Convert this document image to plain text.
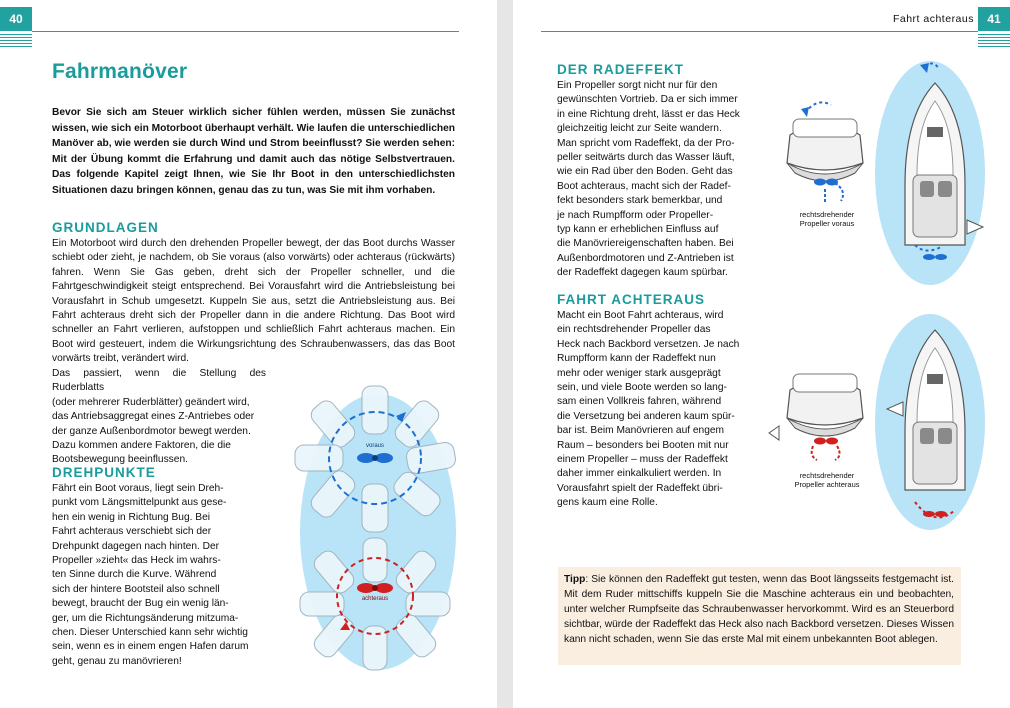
40
Fahrmanöver

Bevor Sie sich am Steuer wirklich sicher fühlen werden, müssen Sie zunächst wissen, wie sich ein Motorboot überhaupt verhält. Wie laufen die unterschiedlichen Manöver ab, wie werden sie durch Wind und Strom beeinflusst? Sie werden sehen: Mit der Übung kommt die Erfahrung und damit auch das nötige Selbstvertrauen. Das folgende Kapitel zeigt Ihnen, wie Sie Ihr Boot in den unterschiedlichsten Situationen dazu bringen können, genau das zu tun, was Sie mit ihm vorhaben.

GRUNDLAGEN

Ein Motorboot wird durch den drehenden Propeller bewegt, der das Boot durchs Wasser schiebt oder zieht, je nachdem, ob Sie voraus (also vorwärts) oder achteraus (rückwärts) fahren. Wenn Sie Gas geben, dreht sich der Propeller schneller, und die Fahrtgeschwindigkeit steigt entsprechend. Bei Vorausfahrt wird die Antriebsleistung bei Vorausfahrt in Schub umgesetzt. Kuppeln Sie aus, setzt die Antriebsleistung aus. Bei Fahrt achteraus dreht sich der Propeller dann in die andere Richtung. Das Boot wird schneller an Fahrt verlieren, aufstoppen und schließlich Fahrt achteraus machen. Ein Boot wird gesteuert, indem die Wirkungsrichtung des Schraubenwassers, das das Boot vorwärts treibt, verändert wird.

Das passiert, wenn die Stellung des Ruderblatts
(oder mehrerer Ruderblätter) geändert wird,
das Antriebsaggregat eines Z-Antriebes oder
der ganze Außenbordmotor bewegt werden.
Dazu kommen andere Faktoren, die die
Bootsbewegung beeinflussen.
DREHPUNKTE
Fährt ein Boot voraus, liegt sein Dreh-
punkt vom Längsmittelpunkt aus gese-
hen ein wenig in Richtung Bug. Bei
Fahrt achteraus verschiebt sich der
Drehpunkt dagegen nach hinten. Der
Propeller »zieht« das Heck im wahrs-
ten Sinne durch die Kurve. Während
sich der hintere Bootsteil also schnell
bewegt, braucht der Bug ein wenig län-
ger, um die Richtungsänderung mitzuma-
chen. Dieser Unterschied kann sehr wichtig
sein, wenn es in einem engen Hafen darum
geht, genau zu manövrieren!
voraus
achteraus
Fahrt achteraus	41
DER RADEFFEKT
Ein Propeller sorgt nicht nur für den
gewünschten Vortrieb. Da er sich immer
in eine Richtung dreht, lässt er das Heck
gleichzeitig leicht zur Seite wandern.
Man spricht vom Radeffekt, da der Pro-
peller seitwärts durch das Wasser läuft,
wie ein Rad über den Boden. Geht das
Boot achteraus, macht sich der Radef-
fekt besonders stark bemerkbar, und
je nach Rumpfform oder Propeller-
typ kann er erheblichen Einfluss auf
die Manövriereigenschaften haben. Bei
Außenbordmotoren und Z-Antrieben ist
der Radeffekt dagegen kaum spürbar.
FAHRT ACHTERAUS
Macht ein Boot Fahrt achteraus, wird
ein rechtsdrehender Propeller das
Heck nach Backbord versetzen. Je nach
Rumpfform kann der Radeffekt nun
mehr oder weniger stark ausgeprägt
sein, und viele Boote werden so lang-
sam einen Vollkreis fahren, während
die Versetzung bei anderen kaum spür-
bar ist. Beim Manövrieren auf engem
Raum – besonders bei Booten mit nur
einem Propeller – muss der Radeffekt
daher immer einkalkuliert werden. In
Vorausfahrt spielt der Radeffekt übri-
gens kaum eine Rolle.
rechtsdrehender
Propeller voraus
rechtsdrehender
Propeller achteraus

Tipp: Sie können den Radeffekt gut testen, wenn das Boot längsseits festgemacht ist. Mit dem Ruder mittschiffs kuppeln Sie die Maschine achteraus ein und beobachten, unter welcher Rumpfseite das Schraubenwasser hervorkommt. Wird es an Steuerbord sichtbar, würde der Radeffekt das Heck also nach Backbord versetzen. Dieses Wissen kann nicht schaden, wenn Sie das erste Mal mit einem unbekannten Boot ablegen.
